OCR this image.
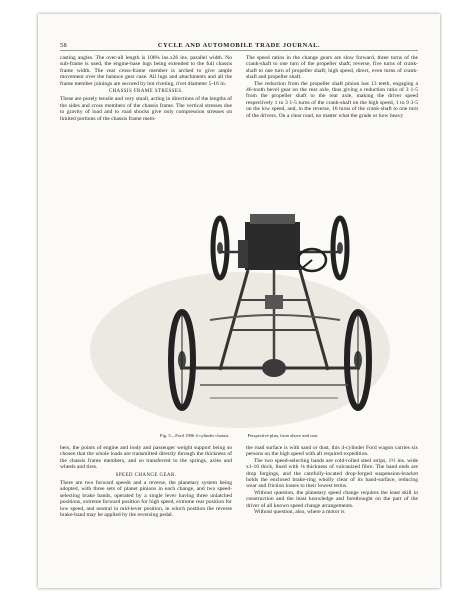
58	CYCLE AND AUTOMOBILE TRADE JOURNAL.

casting angles. The over-all length is 108¾ ins.x26 ins. parallel width. No sub-frame is used, the engine-base lugs being extended to the full chassis frame width. The rear cross-frame member is arched to give ample movement over the balance gear case. All lugs and attachments and all the frame member joinings are secured by hot riveting, rivet diameter 5-16 in.

CHASSIS FRAME STRESSES.

These are purely tensile and very small, acting in directions of the lengths of the sides and cross members of the chassis frame. The vertical stresses due to gravity of load and to road shocks give only compression stresses on limited portions of the chassis frame mem-

The speed ratios in the change gears are slow forward, three turns of the crank-shaft to one turn of the propeller shaft; reverse, five turns of crank-shaft to one turn of propeller shaft; high speed, direct, even turns of crank-shaft and propeller shaft.

The reduction from the propeller shaft pinion has 13 teeth, engaging a 46-tooth bevel gear on the rear axle, thus giving a reduction ratio of 3 1-5 from the propeller shaft to the rear axle, making the driver speed respectively 1 to 3 1-5 turns of the crank-shaft on the high speed, 1 to 9 3-5 on the low speed, and, in the reverse, 16 turns of the crank-shaft to one turn of the drivers. On a clear road, no matter what the grade or how heavy

Fig. 5—Ford 1906 4-cylinder chassis.	Perspective plan, from above and rear.

bers, the points of engine and body and passenger weight support being so chosen that the whole loads are transmitted directly through the thickness of the chassis frame members, and so transferred to the springs, axles and wheels and tires.

SPEED CHANGE GEAR.

There are two forward speeds and a reverse, the planetary system being adopted, with three sets of planet pinions in each change, and two speed-selecting brake bands, operated by a single lever having three unlatched positions, extreme forward position for high speed, extreme rear position for low speed, and neutral in mid-lever position, in which position the reverse brake-band may be applied by the reversing pedal.

the road surface is with sand or dust, this 4-cylinder Ford wagon carries six persons on the high speed with all required expedition.

The two speed-selecting bands are cold-rolled steel strips, 1½ ins. wide x1-16 thick, lined with ⅛ thickness of vulcanized fibre. The band ends are drop forgings, and the carefully-located drop-forged suspension-bracket holds the enclosed brake-ring wholly clear of its band-surface, reducing wear and friction losses to their lowest terms.

Without question, the planetary speed change requires the least skill in construction and the least knowledge and forethought on the part of the driver of all known speed change arrangements.

Without question, also, where a motor is
